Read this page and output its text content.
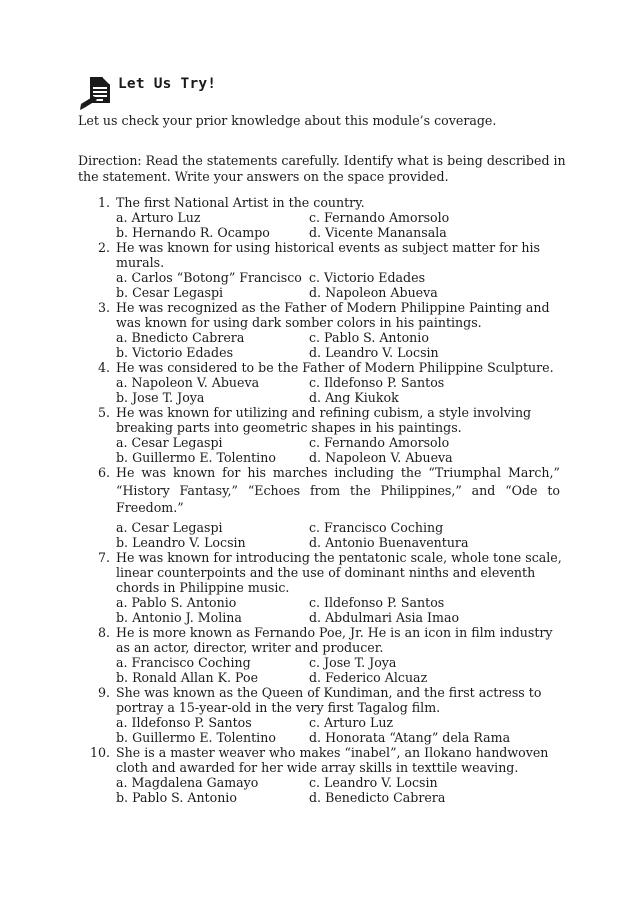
Let Us Try!
Let us check your prior knowledge about this module’s coverage.
Direction: Read the statements carefully. Identify what is being described in
the statement. Write your answers on the space provided.
1. The first National Artist in the country.
a. Arturo Luz	c. Fernando Amorsolo
b. Hernando R. Ocampo	d. Vicente Manansala
2. He was known for using historical events as subject matter for his
murals.
a. Carlos “Botong” Francisco c. Victorio Edades
b. Cesar Legaspi	d. Napoleon Abueva
3. He was recognized as the Father of Modern Philippine Painting and
was known for using dark somber colors in his paintings.
a. Bnedicto Cabrera	c. Pablo S. Antonio
b. Victorio Edades	d. Leandro V. Locsin
4. He was considered to be the Father of Modern Philippine Sculpture.
a. Napoleon V. Abueva	c. Ildefonso P. Santos
b. Jose T. Joya	d. Ang Kiukok
5. He was known for utilizing and refining cubism, a style involving
breaking parts into geometric shapes in his paintings.
a. Cesar Legaspi	c. Fernando Amorsolo
b. Guillermo E. Tolentino	d. Napoleon V. Abueva
6. He was known for his marches including the “Triumphal March,”
“History Fantasy,” “Echoes from the Philippines,” and “Ode to
Freedom.”
a. Cesar Legaspi	c. Francisco Coching
b. Leandro V. Locsin	d. Antonio Buenaventura
7. He was known for introducing the pentatonic scale, whole tone scale,
linear counterpoints and the use of dominant ninths and eleventh
chords in Philippine music.
a. Pablo S. Antonio	c. Ildefonso P. Santos
b. Antonio J. Molina	d. Abdulmari Asia Imao
8. He is more known as Fernando Poe, Jr. He is an icon in film industry
as an actor, director, writer and producer.
a. Francisco Coching	c. Jose T. Joya
b. Ronald Allan K. Poe	d. Federico Alcuaz
9. She was known as the Queen of Kundiman, and the first actress to
portray a 15-year-old in the very first Tagalog film.
a. Ildefonso P. Santos	c. Arturo Luz
b. Guillermo E. Tolentino	d. Honorata “Atang” dela Rama
10. She is a master weaver who makes “inabel”, an Ilokano handwoven
cloth and awarded for her wide array skills in texttile weaving.
a. Magdalena Gamayo	c. Leandro V. Locsin
b. Pablo S. Antonio	d. Benedicto Cabrera
